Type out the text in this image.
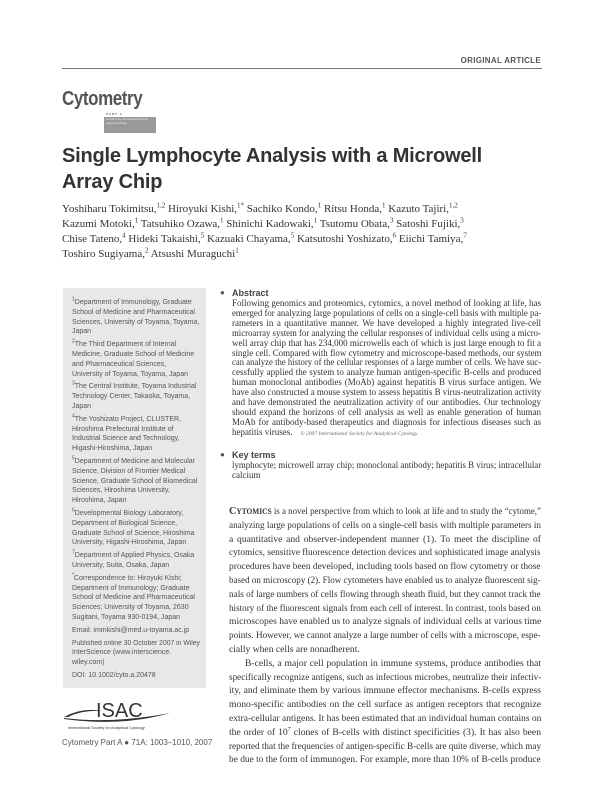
ORIGINAL ARTICLE
Cytometry
PART A
Journal of the International Society for Analytical Cytology
Single Lymphocyte Analysis with a Microwell
Array Chip
Yoshiharu Tokimitsu,$^{1,2}$ Hiroyuki Kishi,$^{1*}$ Sachiko Kondo,$^1$ Ritsu Honda,$^1$ Kazuto Tajiri,$^{1,2}$
Kazumi Motoki,$^1$ Tatsuhiko Ozawa,$^1$ Shinichi Kadowaki,$^1$ Tsutomu Obata,$^3$ Satoshi Fujiki,$^3$
Chise Tateno,$^4$ Hideki Takaishi,$^5$ Kazuaki Chayama,$^5$ Katsutoshi Yoshizato,$^6$ Eiichi Tamiya,$^7$
Toshiro Sugiyama,$^2$ Atsushi Muraguchi$^1$
$^1$Department of Immunology, Graduate
School of Medicine and Pharmaceutical
Sciences, University of Toyama, Toyama,
Japan
$^2$The Third Department of Internal
Medicine, Graduate School of Medicine
and Pharmaceutical Sciences,
University of Toyama, Toyama, Japan
$^3$The Central Institute, Toyama Industrial
Technology Center, Takaoka, Toyama,
Japan
$^4$The Yoshizato Project, CLUSTER,
Hiroshima Prefectural Institute of
Industrial Science and Technology,
Higashi-Hiroshima, Japan
$^5$Department of Medicine and Molecular
Science, Division of Frontier Medical
Science, Graduate School of Biomedical
Sciences, Hiroshima University,
Hiroshima, Japan
$^6$Developmental Biology Laboratory,
Department of Biological Science,
Graduate School of Science, Hiroshima
University, Higashi-Hiroshima, Japan
$^7$Department of Applied Physics, Osaka
University, Suita, Osaka, Japan
*Correspondence to: Hiroyuki Kishi;
Department of Immunology; Graduate
School of Medicine and Pharmaceutical
Sciences; University of Toyama, 2630
Sugitani, Toyama 930-0194, Japan
Email: immkishi@med.u-toyama.ac.jp
Published online 30 October 2007 in Wiley
InterScience (www.interscience.
wiley.com)
DOI: 10.1002/cyto.a.20478
ISAC
International Society for Analytical Cytology
Cytometry Part A ● 71A: 1003–1010, 2007
● Abstract
Following genomics and proteomics, cytomics, a novel method of looking at life, has
emerged for analyzing large populations of cells on a single-cell basis with multiple pa-
rameters in a quantitative manner. We have developed a highly integrated live-cell
microarray system for analyzing the cellular responses of individual cells using a micro-
well array chip that has 234,000 microwells each of which is just large enough to fit a
single cell. Compared with flow cytometry and microscope-based methods, our system
can analyze the history of the cellular responses of a large number of cells. We have suc-
cessfully applied the system to analyze human antigen-specific B-cells and produced
human monoclonal antibodies (MoAb) against hepatitis B virus surface antigen. We
have also constructed a mouse system to assess hepatitis B virus-neutralization activity
and have demonstrated the neutralization activity of our antibodies. Our technology
should expand the horizons of cell analysis as well as enable generation of human
MoAb for antibody-based therapeutics and diagnosis for infectious diseases such as
hepatitis viruses. © 2007 International Society for Analytical Cytology
● Key terms
lymphocyte; microwell array chip; monoclonal antibody; hepatitis B virus; intracellular
calcium
Cytomics is a novel perspective from which to look at life and to study the “cytome,”
analyzing large populations of cells on a single-cell basis with multiple parameters in
a quantitative and observer-independent manner (1). To meet the discipline of
cytomics, sensitive fluorescence detection devices and sophisticated image analysis
procedures have been developed, including tools based on flow cytometry or those
based on microscopy (2). Flow cytometers have enabled us to analyze fluorescent sig-
nals of large numbers of cells flowing through sheath fluid, but they cannot track the
history of the fluorescent signals from each cell of interest. In contrast, tools based on
microscopes have enabled us to analyze signals of individual cells at various time
points. However, we cannot analyze a large number of cells with a microscope, espe-
cially when cells are nonadherent.
B-cells, a major cell population in immune systems, produce antibodies that
specifically recognize antigens, such as infectious microbes, neutralize their infectiv-
ity, and eliminate them by various immune effector mechanisms. B-cells express
mono-specific antibodies on the cell surface as antigen receptors that recognize
extra-cellular antigens. It has been estimated that an individual human contains on
the order of $10^7$ clones of B-cells with distinct specificities (3). It has also been
reported that the frequencies of antigen-specific B-cells are quite diverse, which may
be due to the form of immunogen. For example, more than 10% of B-cells produce
